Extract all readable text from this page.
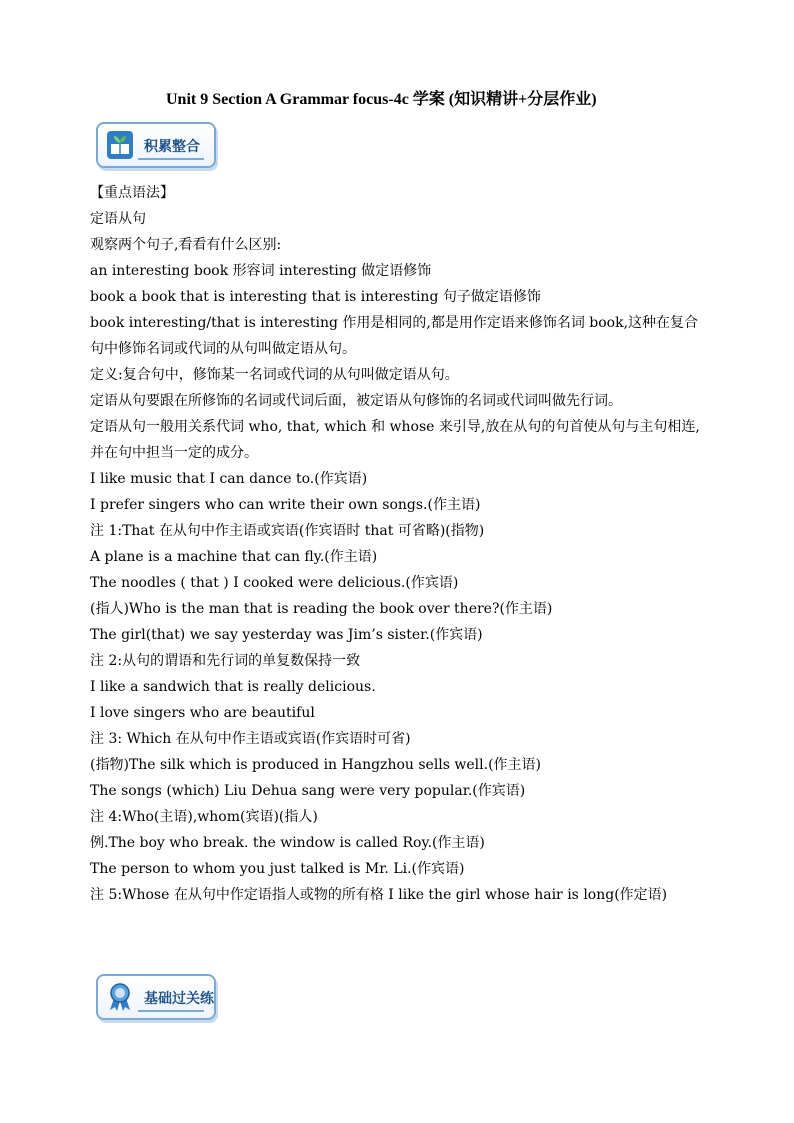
Unit 9 Section A Grammar focus-4c 学案 (知识精讲+分层作业)
积累整合

【重点语法】

定语从句

观察两个句子,看看有什么区别:

an interesting book 形容词 interesting 做定语修饰

book a book that is interesting that is interesting 句子做定语修饰

book interesting/that is interesting 作用是相同的,都是用作定语来修饰名词 book,这种在复合句中修饰名词或代词的从句叫做定语从句。

定义:复合句中，修饰某一名词或代词的从句叫做定语从句。

定语从句要跟在所修饰的名词或代词后面，被定语从句修饰的名词或代词叫做先行词。

定语从句一般用关系代词 who, that, which 和 whose 来引导,放在从句的句首使从句与主句相连,并在句中担当一定的成分。

I like music that I can dance to.(作宾语)

I prefer singers who can write their own songs.(作主语)

注 1:That 在从句中作主语或宾语(作宾语时 that 可省略)(指物)

A plane is a machine that can fly.(作主语)

The noodles ( that ) I cooked were delicious.(作宾语)

(指人)Who is the man that is reading the book over there?(作主语)

The girl(that) we say yesterday was Jim’s sister.(作宾语)

注 2:从句的谓语和先行词的单复数保持一致

I like a sandwich that is really delicious.

I love singers who are beautiful

注 3: Which 在从句中作主语或宾语(作宾语时可省)

(指物)The silk which is produced in Hangzhou sells well.(作主语)

The songs (which) Liu Dehua sang were very popular.(作宾语)

注 4:Who(主语),whom(宾语)(指人)

例.The boy who break. the window is called Roy.(作主语)

The person to whom you just talked is Mr. Li.(作宾语)

注 5:Whose 在从句中作定语指人或物的所有格 I like the girl whose hair is long(作定语)

基础过关练
